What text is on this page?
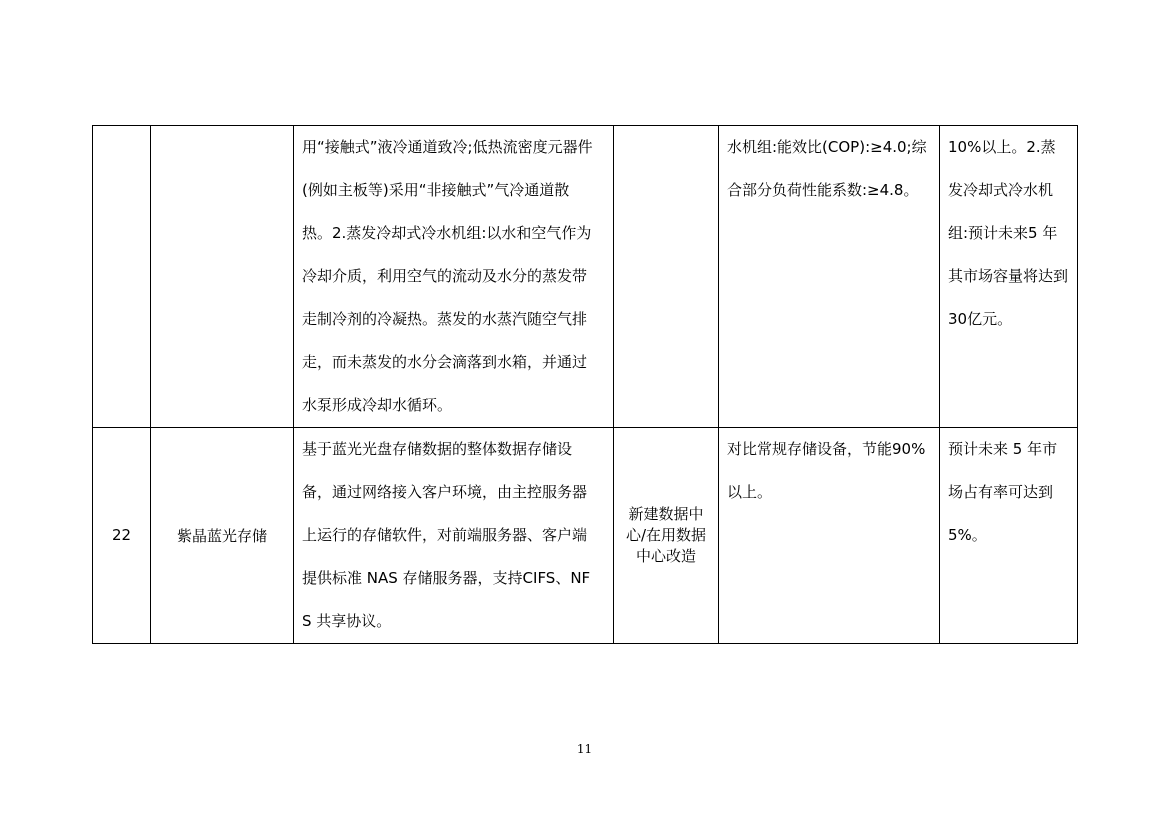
		用“接触式”液冷通道致冷;低热流密度元器件(例如主板等)采用“非接触式”气冷通道散热。2.蒸发冷却式冷水机组:以水和空气作为冷却介质，利用空气的流动及水分的蒸发带走制冷剂的冷凝热。蒸发的水蒸汽随空气排走，而未蒸发的水分会滴落到水箱，并通过水泵形成冷却水循环。		水机组:能效比(COP):≥4.0;综合部分负荷性能系数:≥4.8。	10%以上。2.蒸发冷却式冷水机组:预计未来5 年其市场容量将达到30亿元。
22	紫晶蓝光存储	基于蓝光光盘存储数据的整体数据存储设备，通过网络接入客户环境，由主控服务器上运行的存储软件，对前端服务器、客户端提供标准 NAS 存储服务器，支持CIFS、NFS 共享协议。	新建数据中心/在用数据中心改造	对比常规存储设备，节能90%以上。	预计未来 5 年市场占有率可达到5%。
11
